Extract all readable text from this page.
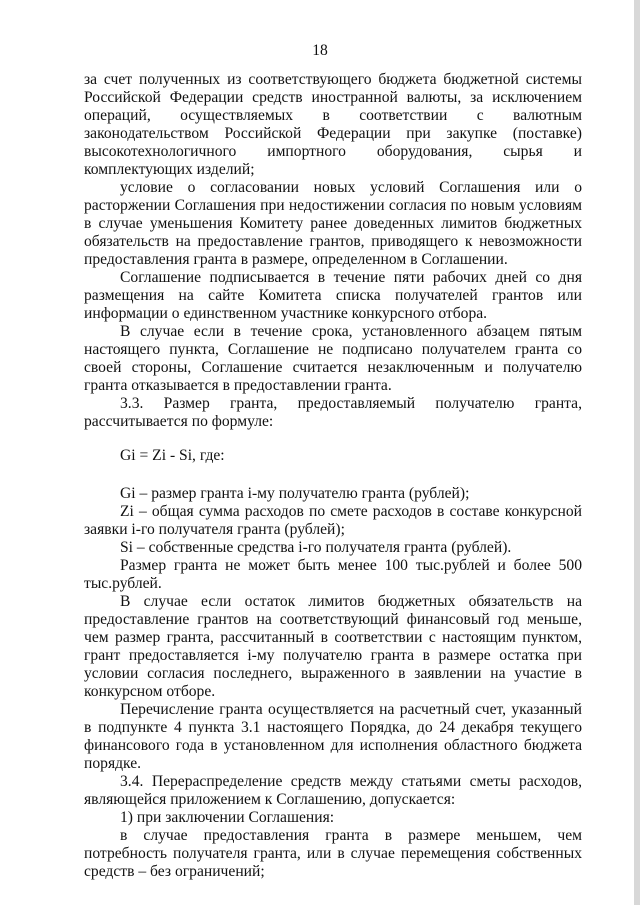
18

за счет полученных из соответствующего бюджета бюджетной системы Российской Федерации средств иностранной валюты, за исключением операций, осуществляемых в соответствии с валютным законодательством Российской Федерации при закупке (поставке) высокотехнологичного импортного оборудования, сырья и комплектующих изделий;

условие о согласовании новых условий Соглашения или о расторжении Соглашения при недостижении согласия по новым условиям в случае уменьшения Комитету ранее доведенных лимитов бюджетных обязательств на предоставление грантов, приводящего к невозможности предоставления гранта в размере, определенном в Соглашении.

Соглашение подписывается в течение пяти рабочих дней со дня размещения на сайте Комитета списка получателей грантов или информации о единственном участнике конкурсного отбора.

В случае если в течение срока, установленного абзацем пятым настоящего пункта, Соглашение не подписано получателем гранта со своей стороны, Соглашение считается незаключенным и получателю гранта отказывается в предоставлении гранта.

3.3. Размер гранта, предоставляемый получателю гранта, рассчитывается по формуле:

Gi = Zi - Si, где:

Gi – размер гранта i-му получателю гранта (рублей);

Zi – общая сумма расходов по смете расходов в составе конкурсной заявки i-го получателя гранта (рублей);

Si – собственные средства i-го получателя гранта (рублей).

Размер гранта не может быть менее 100 тыс.рублей и более 500 тыс.рублей.

В случае если остаток лимитов бюджетных обязательств на предоставление грантов на соответствующий финансовый год меньше, чем размер гранта, рассчитанный в соответствии с настоящим пунктом, грант предоставляется i-му получателю гранта в размере остатка при условии согласия последнего, выраженного в заявлении на участие в конкурсном отборе.

Перечисление гранта осуществляется на расчетный счет, указанный в подпункте 4 пункта 3.1 настоящего Порядка, до 24 декабря текущего финансового года в установленном для исполнения областного бюджета порядке.

3.4. Перераспределение средств между статьями сметы расходов, являющейся приложением к Соглашению, допускается:

1) при заключении Соглашения:

в случае предоставления гранта в размере меньшем, чем потребность получателя гранта, или в случае перемещения собственных средств – без ограничений;
